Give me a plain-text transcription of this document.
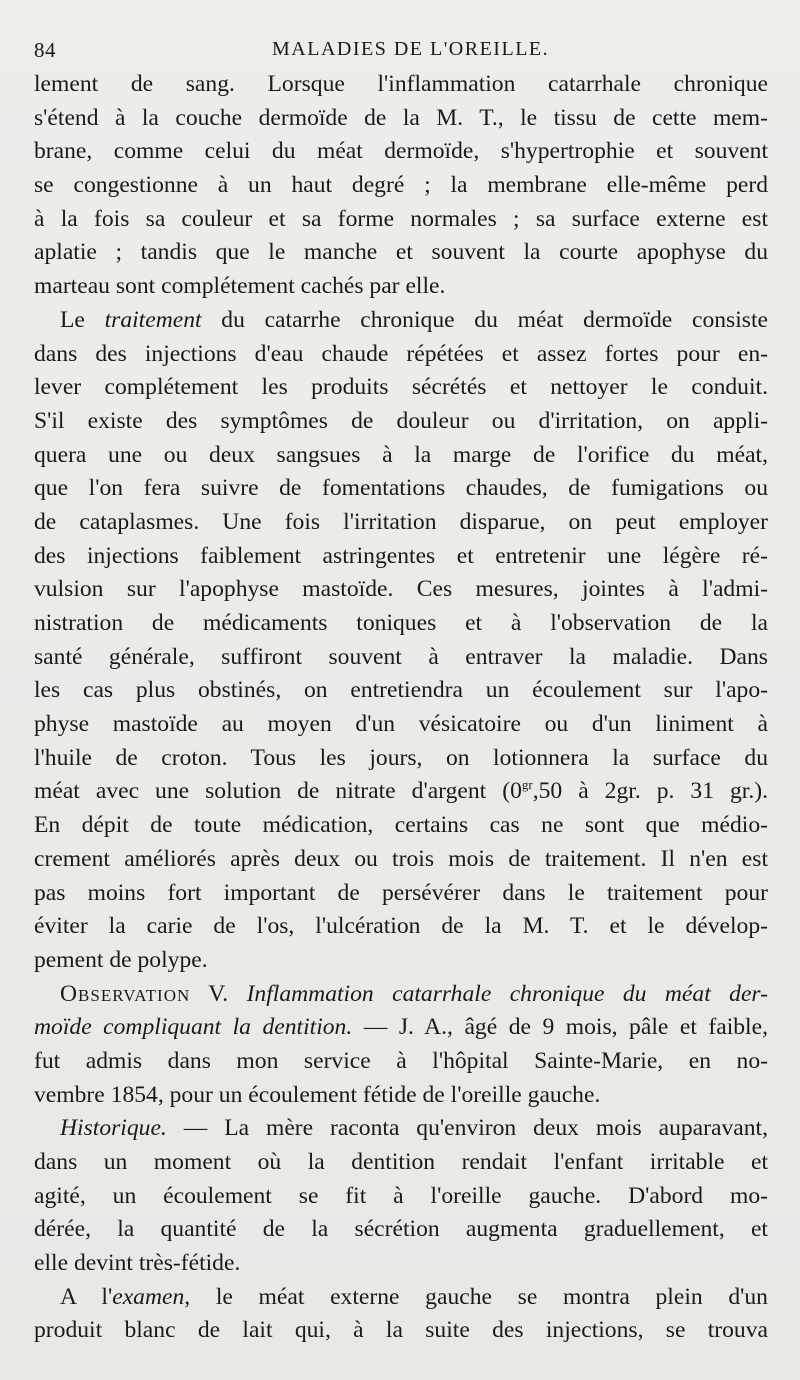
84	MALADIES DE L'OREILLE.
lement de sang. Lorsque l'inflammation catarrhale chronique
s'étend à la couche dermoïde de la M. T., le tissu de cette mem-
brane, comme celui du méat dermoïde, s'hypertrophie et souvent
se congestionne à un haut degré ; la membrane elle-même perd
à la fois sa couleur et sa forme normales ; sa surface externe est
aplatie ; tandis que le manche et souvent la courte apophyse du
marteau sont complétement cachés par elle.
Le traitement du catarrhe chronique du méat dermoïde consiste
dans des injections d'eau chaude répétées et assez fortes pour en-
lever complétement les produits sécrétés et nettoyer le conduit.
S'il existe des symptômes de douleur ou d'irritation, on appli-
quera une ou deux sangsues à la marge de l'orifice du méat,
que l'on fera suivre de fomentations chaudes, de fumigations ou
de cataplasmes. Une fois l'irritation disparue, on peut employer
des injections faiblement astringentes et entretenir une légère ré-
vulsion sur l'apophyse mastoïde. Ces mesures, jointes à l'admi-
nistration de médicaments toniques et à l'observation de la
santé générale, suffiront souvent à entraver la maladie. Dans
les cas plus obstinés, on entretiendra un écoulement sur l'apo-
physe mastoïde au moyen d'un vésicatoire ou d'un liniment à
l'huile de croton. Tous les jours, on lotionnera la surface du
méat avec une solution de nitrate d'argent ($0^{gr},50$ à 2gr. p. 31 gr.).
En dépit de toute médication, certains cas ne sont que médio-
crement améliorés après deux ou trois mois de traitement. Il n'en est
pas moins fort important de persévérer dans le traitement pour
éviter la carie de l'os, l'ulcération de la M. T. et le dévelop-
pement de polype.
Observation V. Inflammation catarrhale chronique du méat der-
moïde compliquant la dentition. — J. A., âgé de 9 mois, pâle et faible,
fut admis dans mon service à l'hôpital Sainte-Marie, en no-
vembre 1854, pour un écoulement fétide de l'oreille gauche.
Historique. — La mère raconta qu'environ deux mois auparavant,
dans un moment où la dentition rendait l'enfant irritable et
agité, un écoulement se fit à l'oreille gauche. D'abord mo-
dérée, la quantité de la sécrétion augmenta graduellement, et
elle devint très-fétide.
A l'examen, le méat externe gauche se montra plein d'un
produit blanc de lait qui, à la suite des injections, se trouva
